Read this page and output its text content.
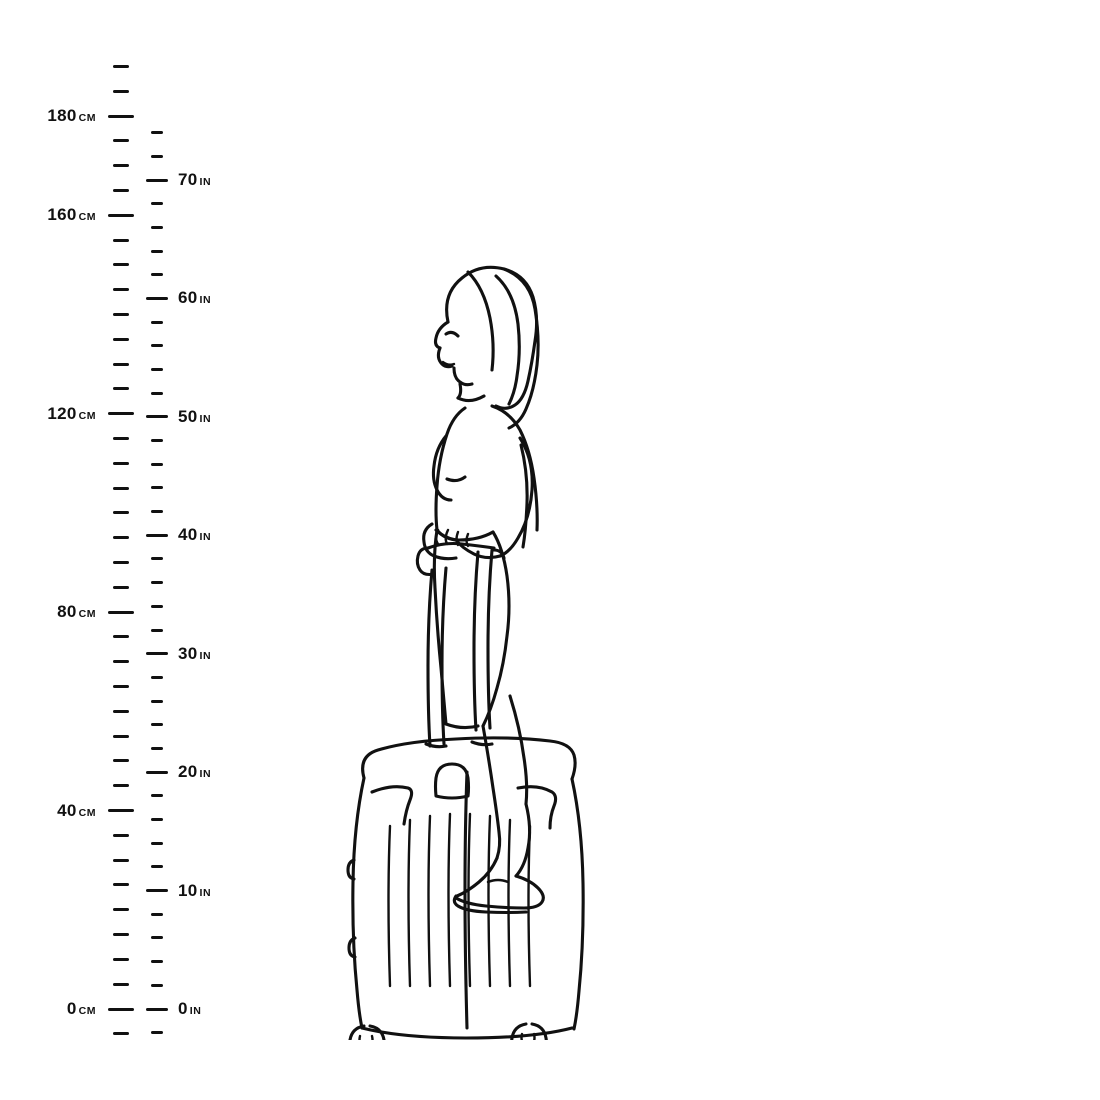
0 CM
40 CM
80 CM
120 CM
160 CM
180 CM
0 IN
10 IN
20 IN
30 IN
40 IN
50 IN
60 IN
70 IN
